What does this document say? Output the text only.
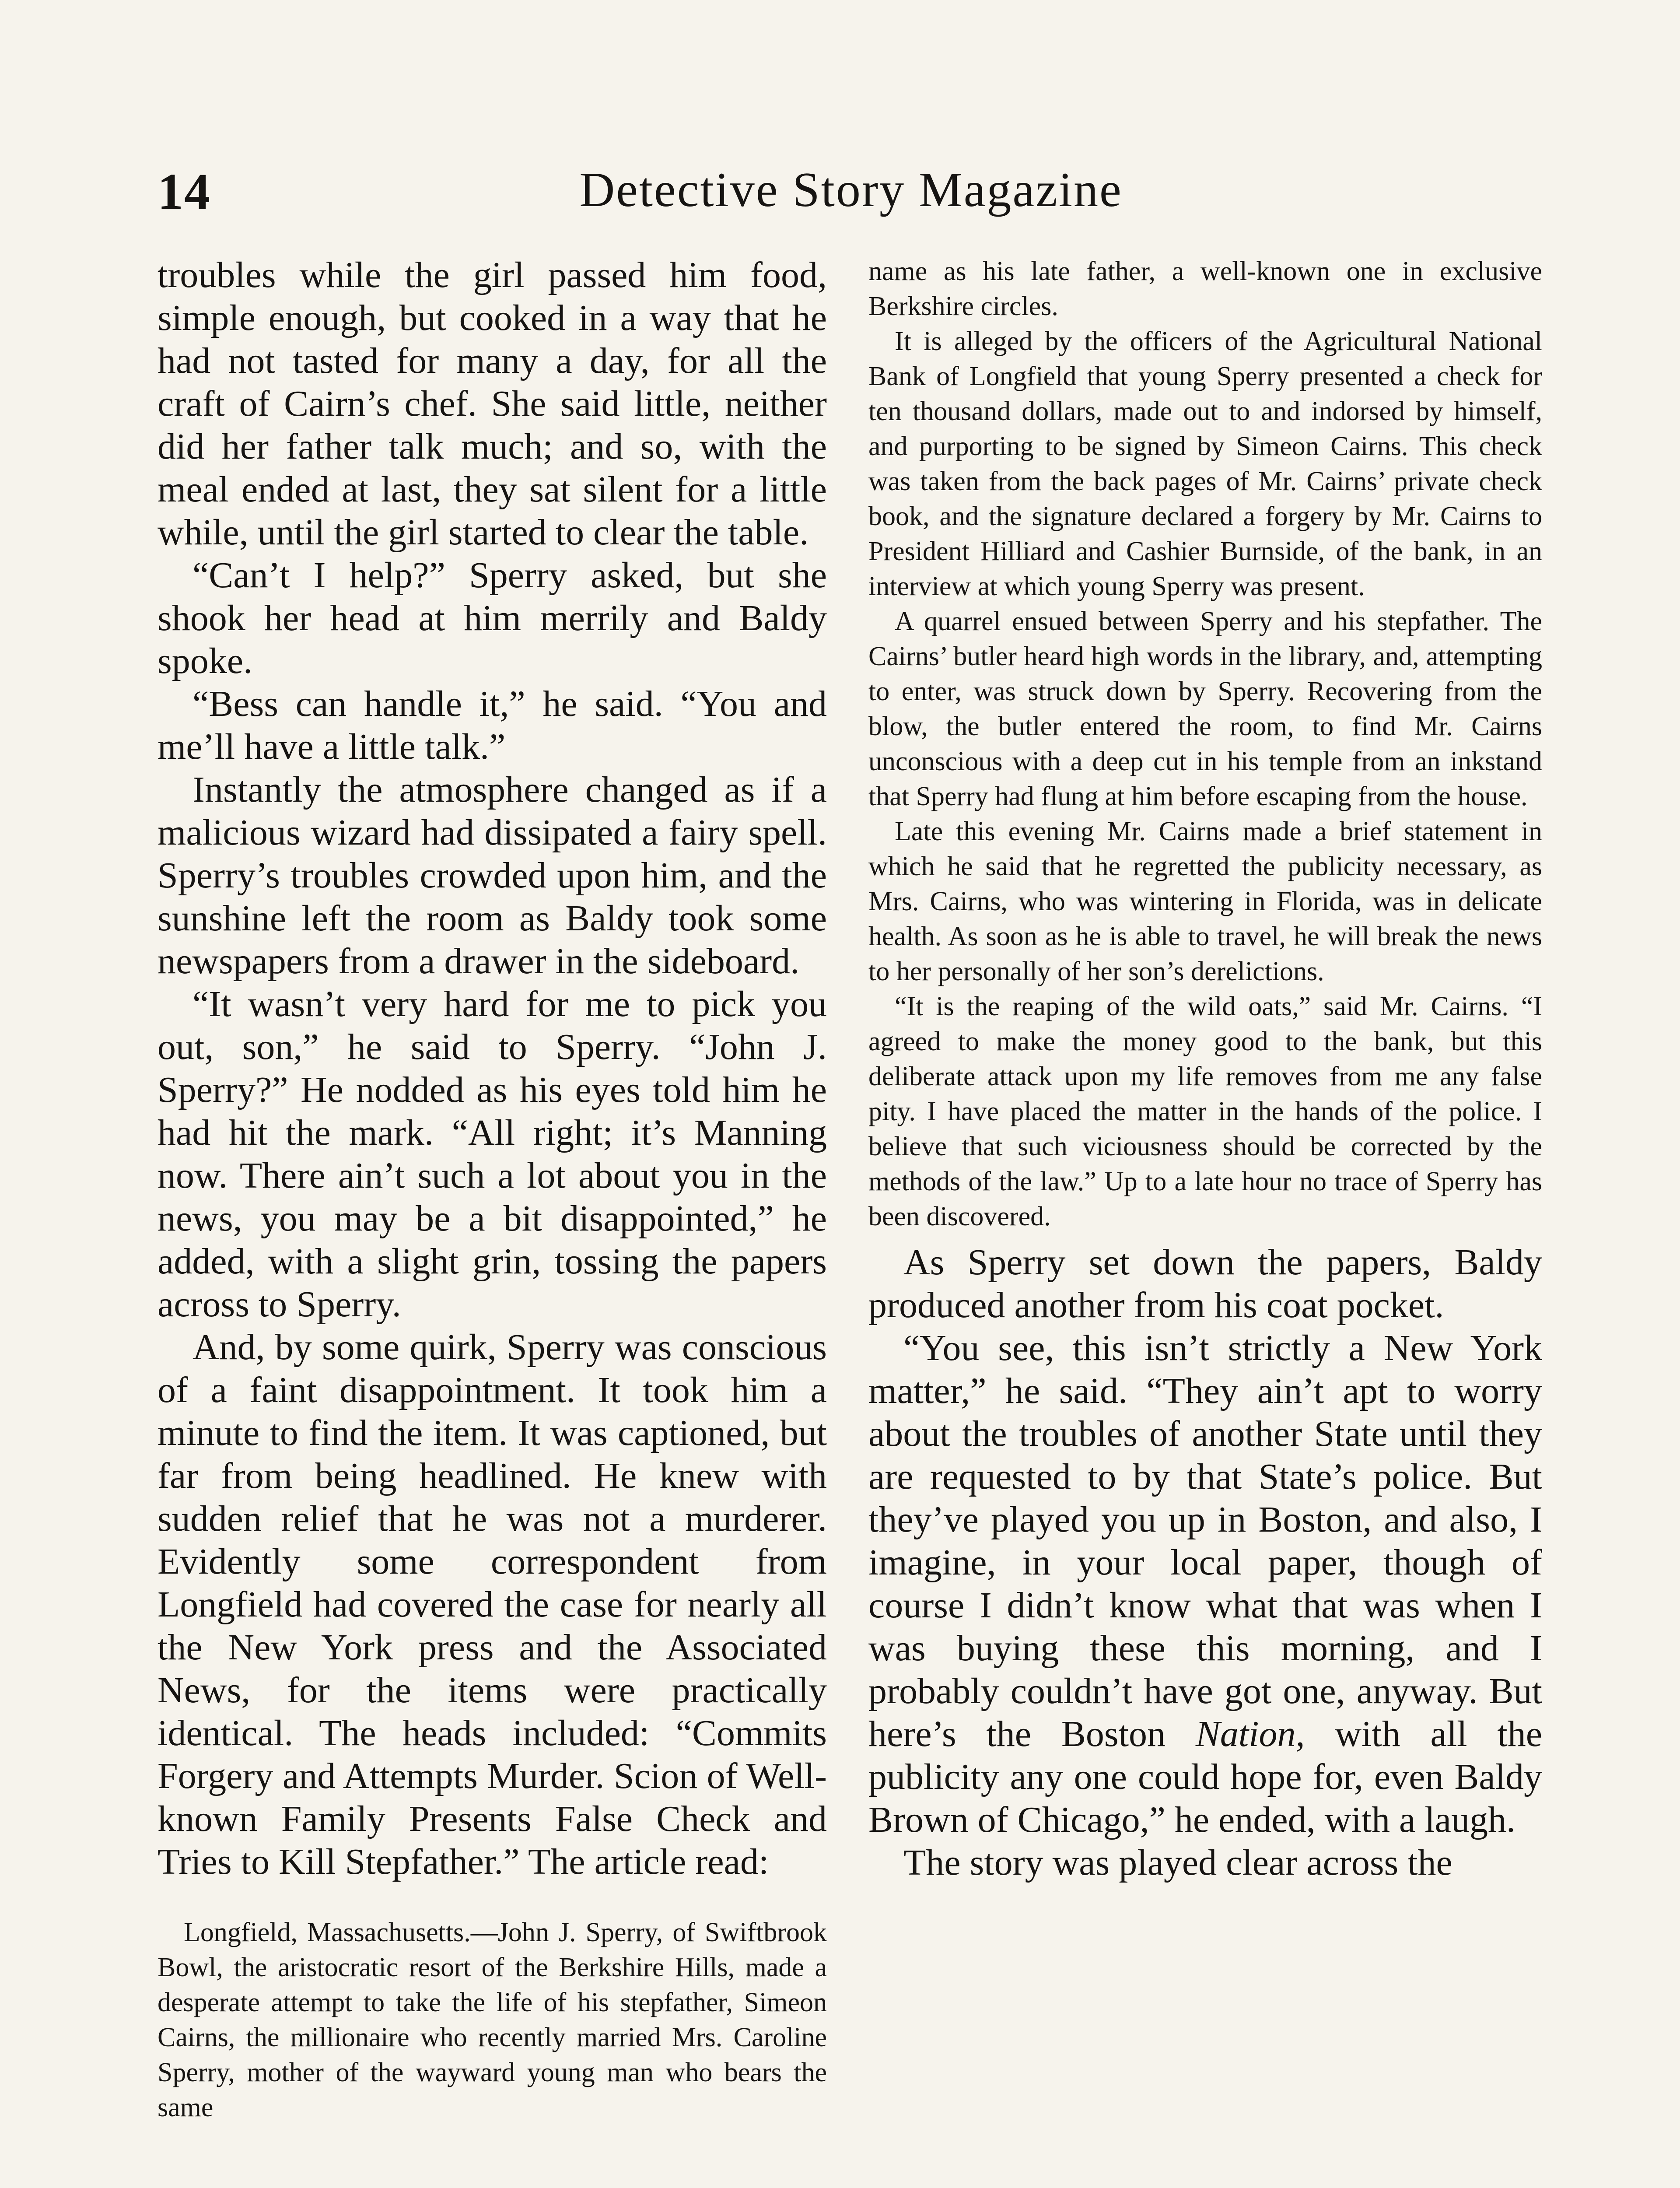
14	Detective Story Magazine

troubles while the girl passed him food, simple enough, but cooked in a way that he had not tasted for many a day, for all the craft of Cairn’s chef. She said little, neither did her father talk much; and so, with the meal ended at last, they sat silent for a little while, until the girl started to clear the table.

“Can’t I help?” Sperry asked, but she shook her head at him merrily and Baldy spoke.

“Bess can handle it,” he said. “You and me’ll have a little talk.”

Instantly the atmosphere changed as if a malicious wizard had dissipated a fairy spell. Sperry’s troubles crowded upon him, and the sunshine left the room as Baldy took some newspapers from a drawer in the sideboard.

“It wasn’t very hard for me to pick you out, son,” he said to Sperry. “John J. Sperry?” He nodded as his eyes told him he had hit the mark. “All right; it’s Manning now. There ain’t such a lot about you in the news, you may be a bit disappointed,” he added, with a slight grin, tossing the papers across to Sperry.

And, by some quirk, Sperry was conscious of a faint disappointment. It took him a minute to find the item. It was captioned, but far from being headlined. He knew with sudden relief that he was not a murderer. Evidently some correspondent from Longfield had covered the case for nearly all the New York press and the Associated News, for the items were practically identical. The heads included: “Commits Forgery and Attempts Murder. Scion of Well-known Family Presents False Check and Tries to Kill Stepfather.” The article read:

Longfield, Massachusetts.—John J. Sperry, of Swiftbrook Bowl, the aristocratic resort of the Berkshire Hills, made a desperate attempt to take the life of his stepfather, Simeon Cairns, the millionaire who recently married Mrs. Caroline Sperry, mother of the wayward young man who bears the same

name as his late father, a well-known one in exclusive Berkshire circles.

It is alleged by the officers of the Agricultural National Bank of Longfield that young Sperry presented a check for ten thousand dollars, made out to and indorsed by himself, and purporting to be signed by Simeon Cairns. This check was taken from the back pages of Mr. Cairns’ private check book, and the signature declared a forgery by Mr. Cairns to President Hilliard and Cashier Burnside, of the bank, in an interview at which young Sperry was present.

A quarrel ensued between Sperry and his stepfather. The Cairns’ butler heard high words in the library, and, attempting to enter, was struck down by Sperry. Recovering from the blow, the butler entered the room, to find Mr. Cairns unconscious with a deep cut in his temple from an inkstand that Sperry had flung at him before escaping from the house.

Late this evening Mr. Cairns made a brief statement in which he said that he regretted the publicity necessary, as Mrs. Cairns, who was wintering in Florida, was in delicate health. As soon as he is able to travel, he will break the news to her personally of her son’s derelictions.

“It is the reaping of the wild oats,” said Mr. Cairns. “I agreed to make the money good to the bank, but this deliberate attack upon my life removes from me any false pity. I have placed the matter in the hands of the police. I believe that such viciousness should be corrected by the methods of the law.” Up to a late hour no trace of Sperry has been discovered.

As Sperry set down the papers, Baldy produced another from his coat pocket.

“You see, this isn’t strictly a New York matter,” he said. “They ain’t apt to worry about the troubles of another State until they are requested to by that State’s police. But they’ve played you up in Boston, and also, I imagine, in your local paper, though of course I didn’t know what that was when I was buying these this morning, and I probably couldn’t have got one, anyway. But here’s the Boston Nation, with all the publicity any one could hope for, even Baldy Brown of Chicago,” he ended, with a laugh.

The story was played clear across the
